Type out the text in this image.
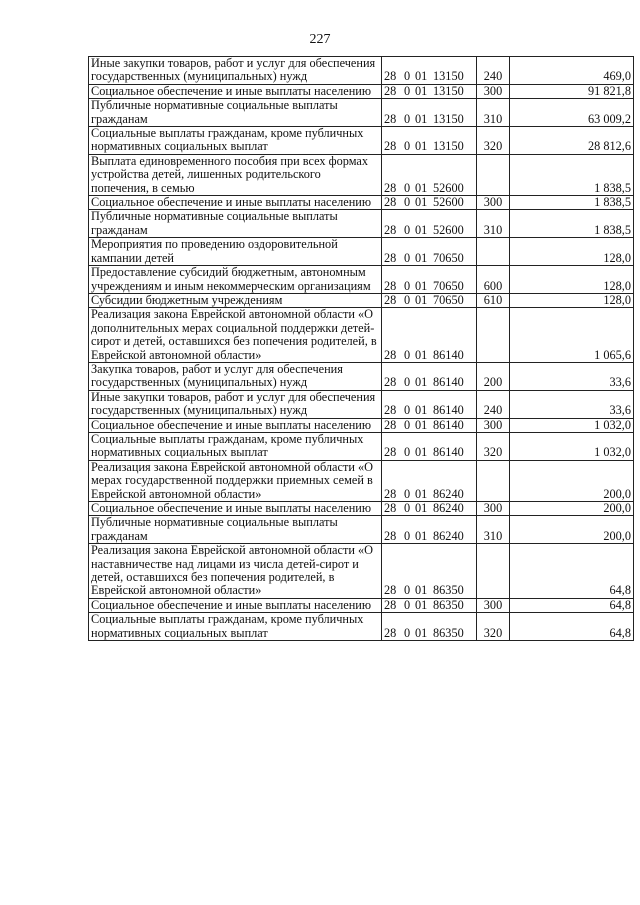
227
Иные закупки товаров, работ и услуг для обеспечения государственных (муниципальных) нужд	28 0 01 13150	240	469,0
Социальное обеспечение и иные выплаты населению	28 0 01 13150	300	91 821,8
Публичные нормативные социальные выплаты гражданам	28 0 01 13150	310	63 009,2
Социальные выплаты гражданам, кроме публичных нормативных социальных выплат	28 0 01 13150	320	28 812,6
Выплата единовременного пособия при всех формах устройства детей, лишенных родительского попечения, в семью	28 0 01 52600		1 838,5
Социальное обеспечение и иные выплаты населению	28 0 01 52600	300	1 838,5
Публичные нормативные социальные выплаты гражданам	28 0 01 52600	310	1 838,5
Мероприятия по проведению оздоровительной кампании детей	28 0 01 70650		128,0
Предоставление субсидий бюджетным, автономным учреждениям и иным некоммерческим организациям	28 0 01 70650	600	128,0
Субсидии бюджетным учреждениям	28 0 01 70650	610	128,0
Реализация закона Еврейской автономной области «О дополнительных мерах социальной поддержки детей-сирот и детей, оставшихся без попечения родителей, в Еврейской автономной области»	28 0 01 86140		1 065,6
Закупка товаров, работ и услуг для обеспечения государственных (муниципальных) нужд	28 0 01 86140	200	33,6
Иные закупки товаров, работ и услуг для обеспечения государственных (муниципальных) нужд	28 0 01 86140	240	33,6
Социальное обеспечение и иные выплаты населению	28 0 01 86140	300	1 032,0
Социальные выплаты гражданам, кроме публичных нормативных социальных выплат	28 0 01 86140	320	1 032,0
Реализация закона Еврейской автономной области «О мерах государственной поддержки приемных семей в Еврейской автономной области»	28 0 01 86240		200,0
Социальное обеспечение и иные выплаты населению	28 0 01 86240	300	200,0
Публичные нормативные социальные выплаты гражданам	28 0 01 86240	310	200,0
Реализация закона Еврейской автономной области «О наставничестве над лицами из числа детей-сирот и детей, оставшихся без попечения родителей, в Еврейской автономной области»	28 0 01 86350		64,8
Социальное обеспечение и иные выплаты населению	28 0 01 86350	300	64,8
Социальные выплаты гражданам, кроме публичных нормативных социальных выплат	28 0 01 86350	320	64,8
